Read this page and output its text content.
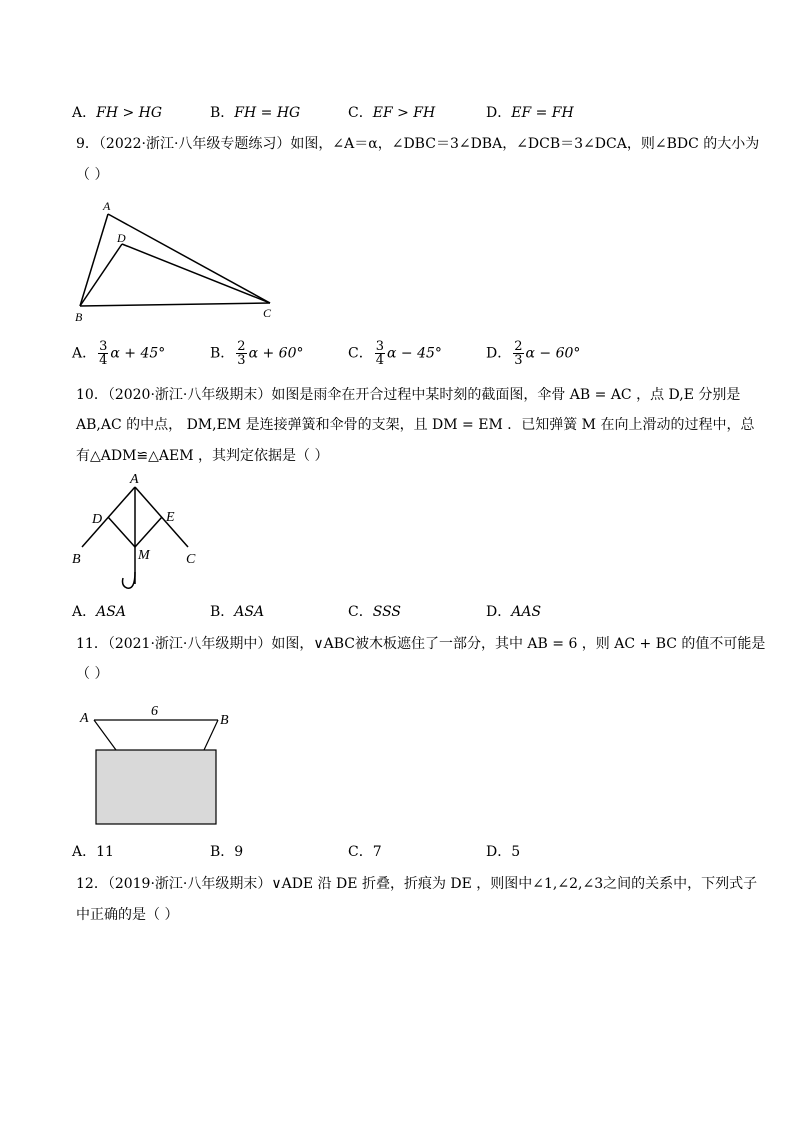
A．FH > HG	B．FH = HG	C．EF > FH	D．EF = FH
9．（2022·浙江·八年级专题练习）如图，∠A＝α，∠DBC＝3∠DBA，∠DCB＝3∠DCA，则∠BDC 的大小为
（ ）
A
D
B	C
A． $\frac{3}{4}$ α + 45°	B． $\frac{2}{3}$ α + 60°	C． $\frac{3}{4}$ α − 45°	D． $\frac{2}{3}$ α − 60°
10．（2020·浙江·八年级期末）如图是雨伞在开合过程中某时刻的截面图，伞骨 AB = AC ，点 D,E 分别是
AB,AC 的中点， DM,EM 是连接弹簧和伞骨的支架，且 DM = EM ．已知弹簧 M 在向上滑动的过程中，总
有△ADM≌△AEM ，其判定依据是（ ）
A
D	E
M
B	C
A．ASA	B．ASA	C．SSS	D．AAS
11．（2021·浙江·八年级期中）如图，∨ABC被木板遮住了一部分，其中 AB = 6 ，则 AC + BC 的值不可能是
（ ）
A	B
6
A．11	B．9	C．7	D．5
12．（2019·浙江·八年级期末）∨ADE 沿 DE 折叠，折痕为 DE ，则图中∠1,∠2,∠3之间的关系中，下列式子
中正确的是（ ）
